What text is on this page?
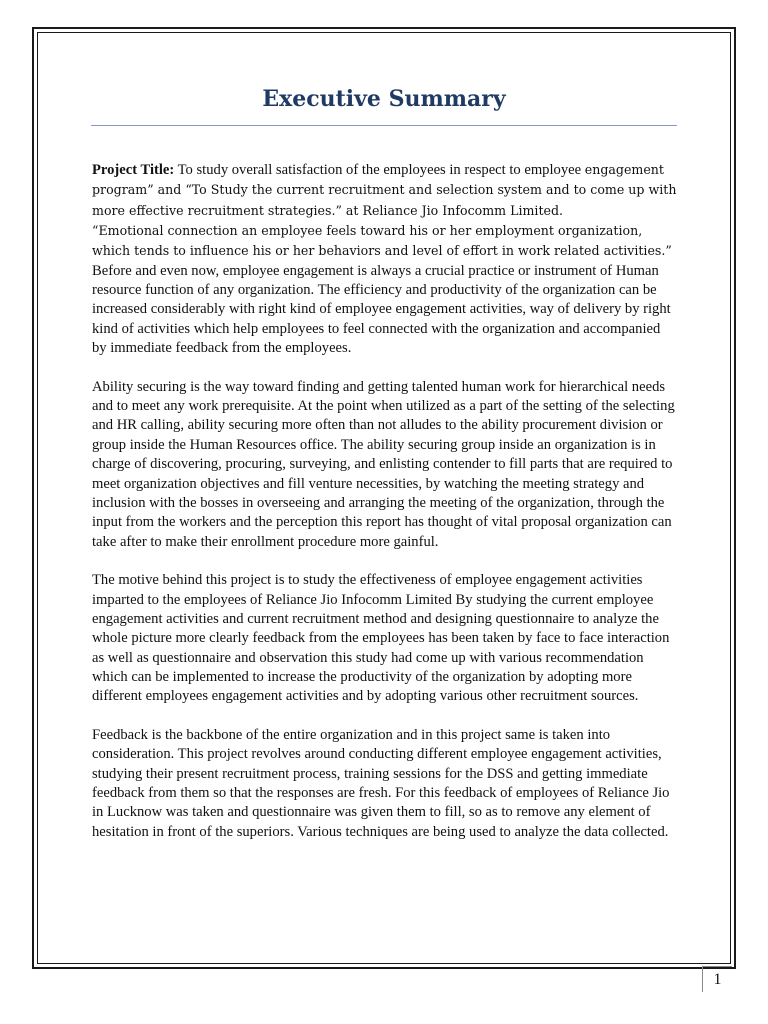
Executive Summary

Project Title: To study overall satisfaction of the employees in respect to employee engagement program” and “To Study the current recruitment and selection system and to come up with more effective recruitment strategies.” at Reliance Jio Infocomm Limited.
“Emotional connection an employee feels toward his or her employment organization, which tends to influence his or her behaviors and level of effort in work related activities.”
Before and even now, employee engagement is always a crucial practice or instrument of Human resource function of any organization. The efficiency and productivity of the organization can be increased considerably with right kind of employee engagement activities, way of delivery by right kind of activities which help employees to feel connected with the organization and accompanied by immediate feedback from the employees.

Ability securing is the way toward finding and getting talented human work for hierarchical needs and to meet any work prerequisite. At the point when utilized as a part of the setting of the selecting and HR calling, ability securing more often than not alludes to the ability procurement division or group inside the Human Resources office. The ability securing group inside an organization is in charge of discovering, procuring, surveying, and enlisting contender to fill parts that are required to meet organization objectives and fill venture necessities, by watching the meeting strategy and inclusion with the bosses in overseeing and arranging the meeting of the organization, through the input from the workers and the perception this report has thought of vital proposal organization can take after to make their enrollment procedure more gainful.

The motive behind this project is to study the effectiveness of employee engagement activities imparted to the employees of Reliance Jio Infocomm Limited By studying the current employee engagement activities and current recruitment method and designing questionnaire to analyze the whole picture more clearly feedback from the employees has been taken by face to face interaction as well as questionnaire and observation this study had come up with various recommendation which can be implemented to increase the productivity of the organization by adopting more different employees engagement activities and by adopting various other recruitment sources.

Feedback is the backbone of the entire organization and in this project same is taken into consideration. This project revolves around conducting different employee engagement activities, studying their present recruitment process, training sessions for the DSS and getting immediate feedback from them so that the responses are fresh. For this feedback of employees of Reliance Jio in Lucknow was taken and questionnaire was given them to fill, so as to remove any element of hesitation in front of the superiors. Various techniques are being used to analyze the data collected.

1
